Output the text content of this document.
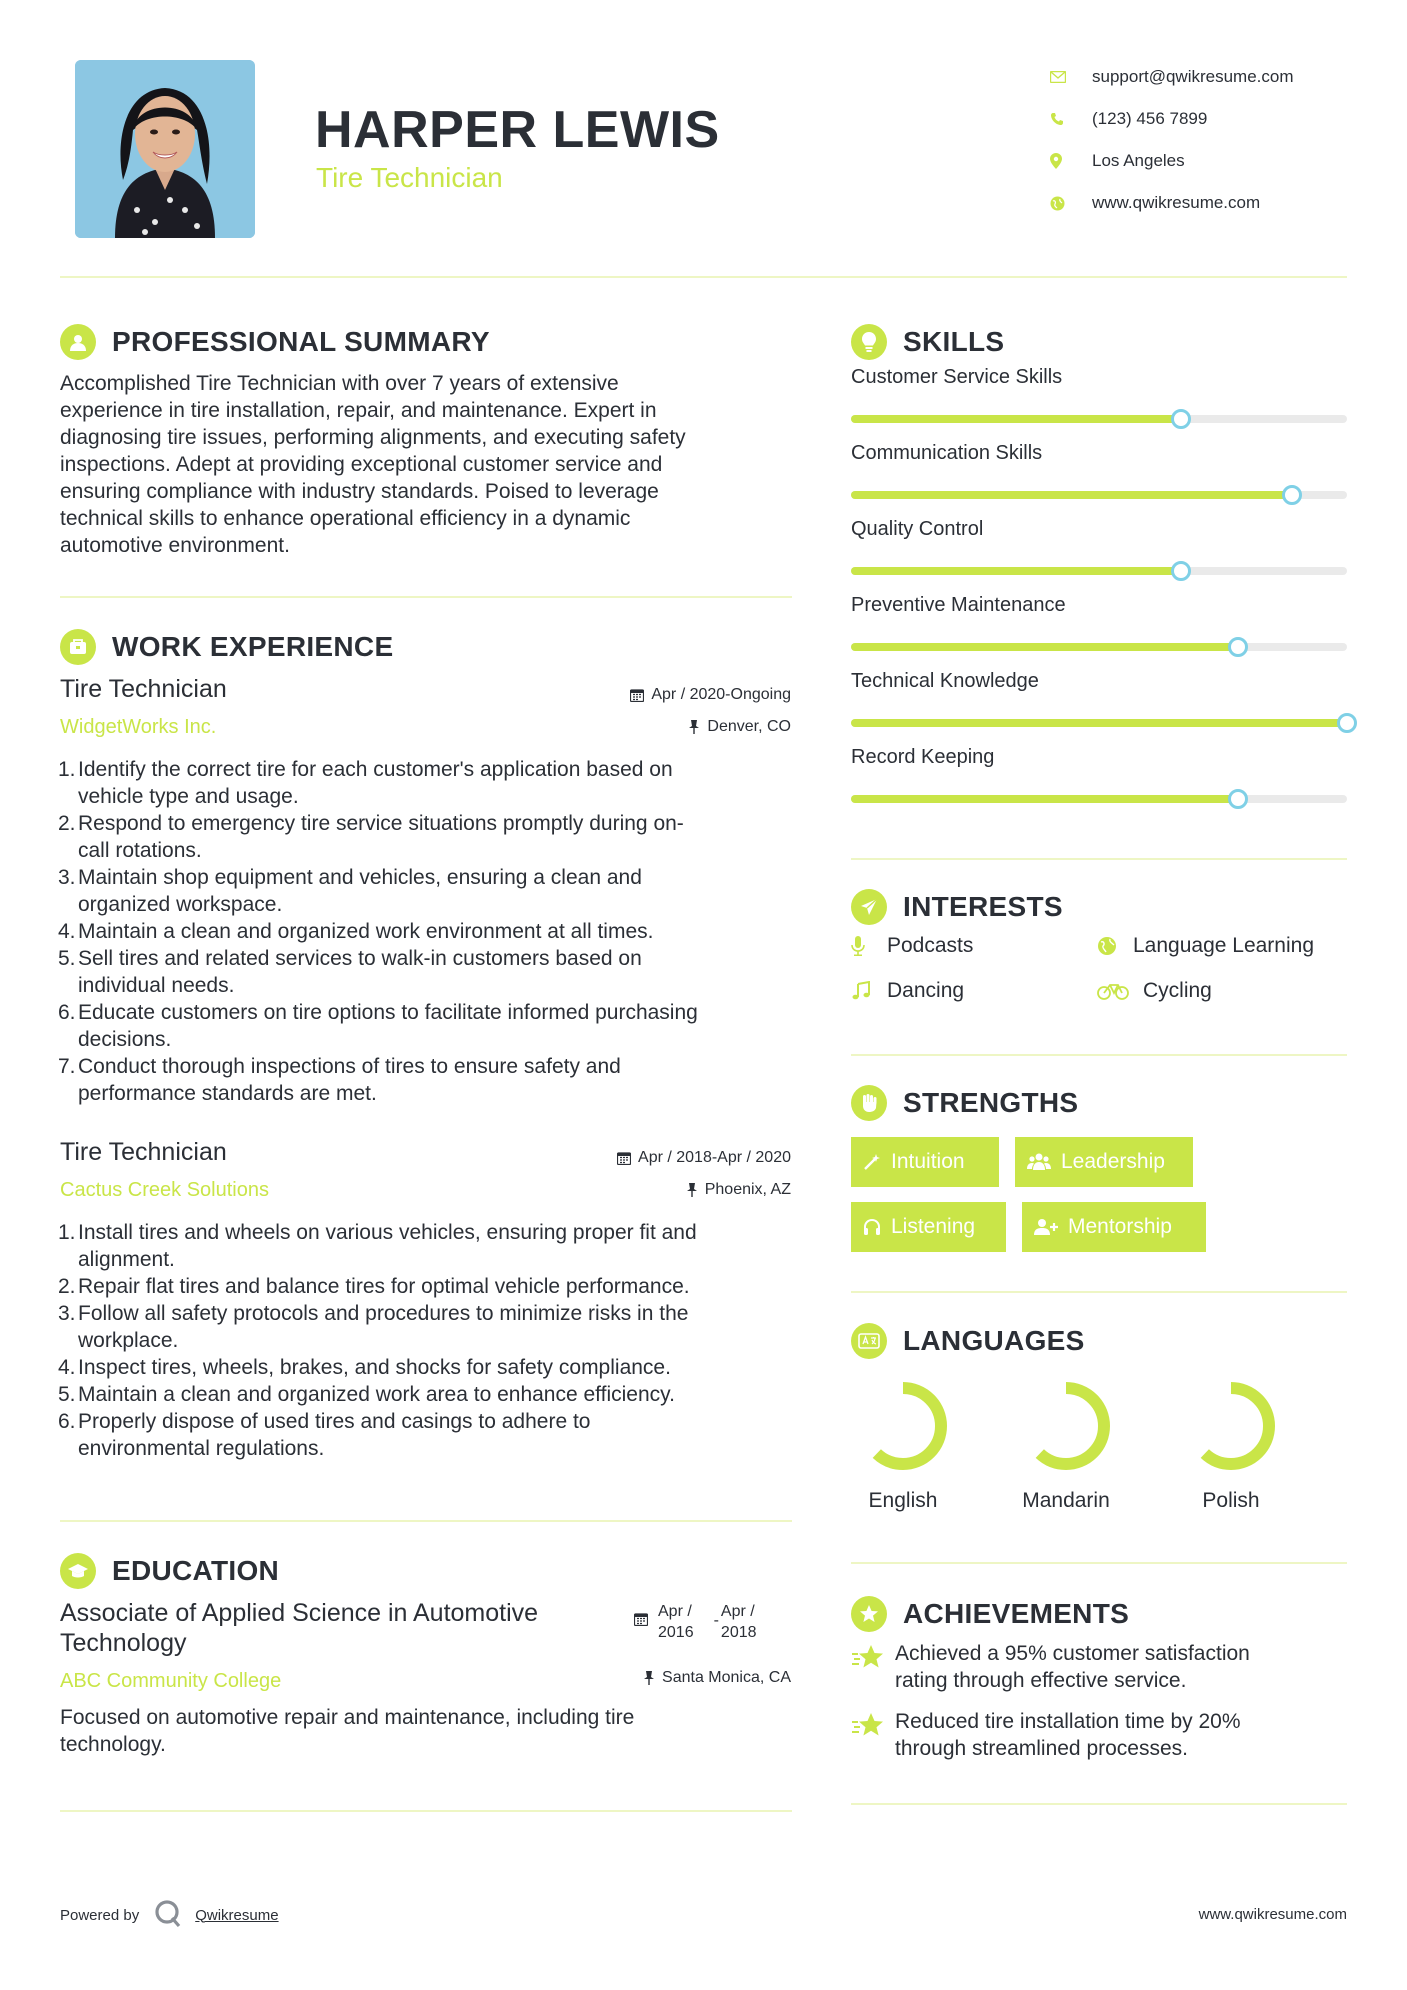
HARPER LEWIS
Tire Technician
support@qwikresume.com
(123) 456 7899
Los Angeles
www.qwikresume.com
PROFESSIONAL SUMMARY
Accomplished Tire Technician with over 7 years of extensive
experience in tire installation, repair, and maintenance. Expert in
diagnosing tire issues, performing alignments, and executing safety
inspections. Adept at providing exceptional customer service and
ensuring compliance with industry standards. Poised to leverage
technical skills to enhance operational efficiency in a dynamic
automotive environment.
WORK EXPERIENCE
Tire Technician
WidgetWorks Inc.
Apr / 2020-Ongoing
Denver, CO
1. Identify the correct tire for each customer's application based on
vehicle type and usage.
2. Respond to emergency tire service situations promptly during on-
call rotations.
3. Maintain shop equipment and vehicles, ensuring a clean and
organized workspace.
4. Maintain a clean and organized work environment at all times.
5. Sell tires and related services to walk-in customers based on
individual needs.
6. Educate customers on tire options to facilitate informed purchasing
decisions.
7. Conduct thorough inspections of tires to ensure safety and
performance standards are met.
Tire Technician
Cactus Creek Solutions
Apr / 2018-Apr / 2020
Phoenix, AZ
1. Install tires and wheels on various vehicles, ensuring proper fit and
alignment.
2. Repair flat tires and balance tires for optimal vehicle performance.
3. Follow all safety protocols and procedures to minimize risks in the
workplace.
4. Inspect tires, wheels, brakes, and shocks for safety compliance.
5. Maintain a clean and organized work area to enhance efficiency.
6. Properly dispose of used tires and casings to adhere to
environmental regulations.
EDUCATION
Associate of Applied Science in Automotive
Technology
ABC Community College
Apr /
2016
-
Apr /
2018
Santa Monica, CA
Focused on automotive repair and maintenance, including tire
technology.
SKILLS
Customer Service Skills
Communication Skills
Quality Control
Preventive Maintenance
Technical Knowledge
Record Keeping
INTERESTS
Podcasts	Language Learning
Dancing	Cycling
STRENGTHS
Intuition	Leadership
Listening	Mentorship
LANGUAGES
English	Mandarin	Polish
ACHIEVEMENTS
Achieved a 95% customer satisfaction
rating through effective service.
Reduced tire installation time by 20%
through streamlined processes.
Powered by	Qwikresume	www.qwikresume.com
